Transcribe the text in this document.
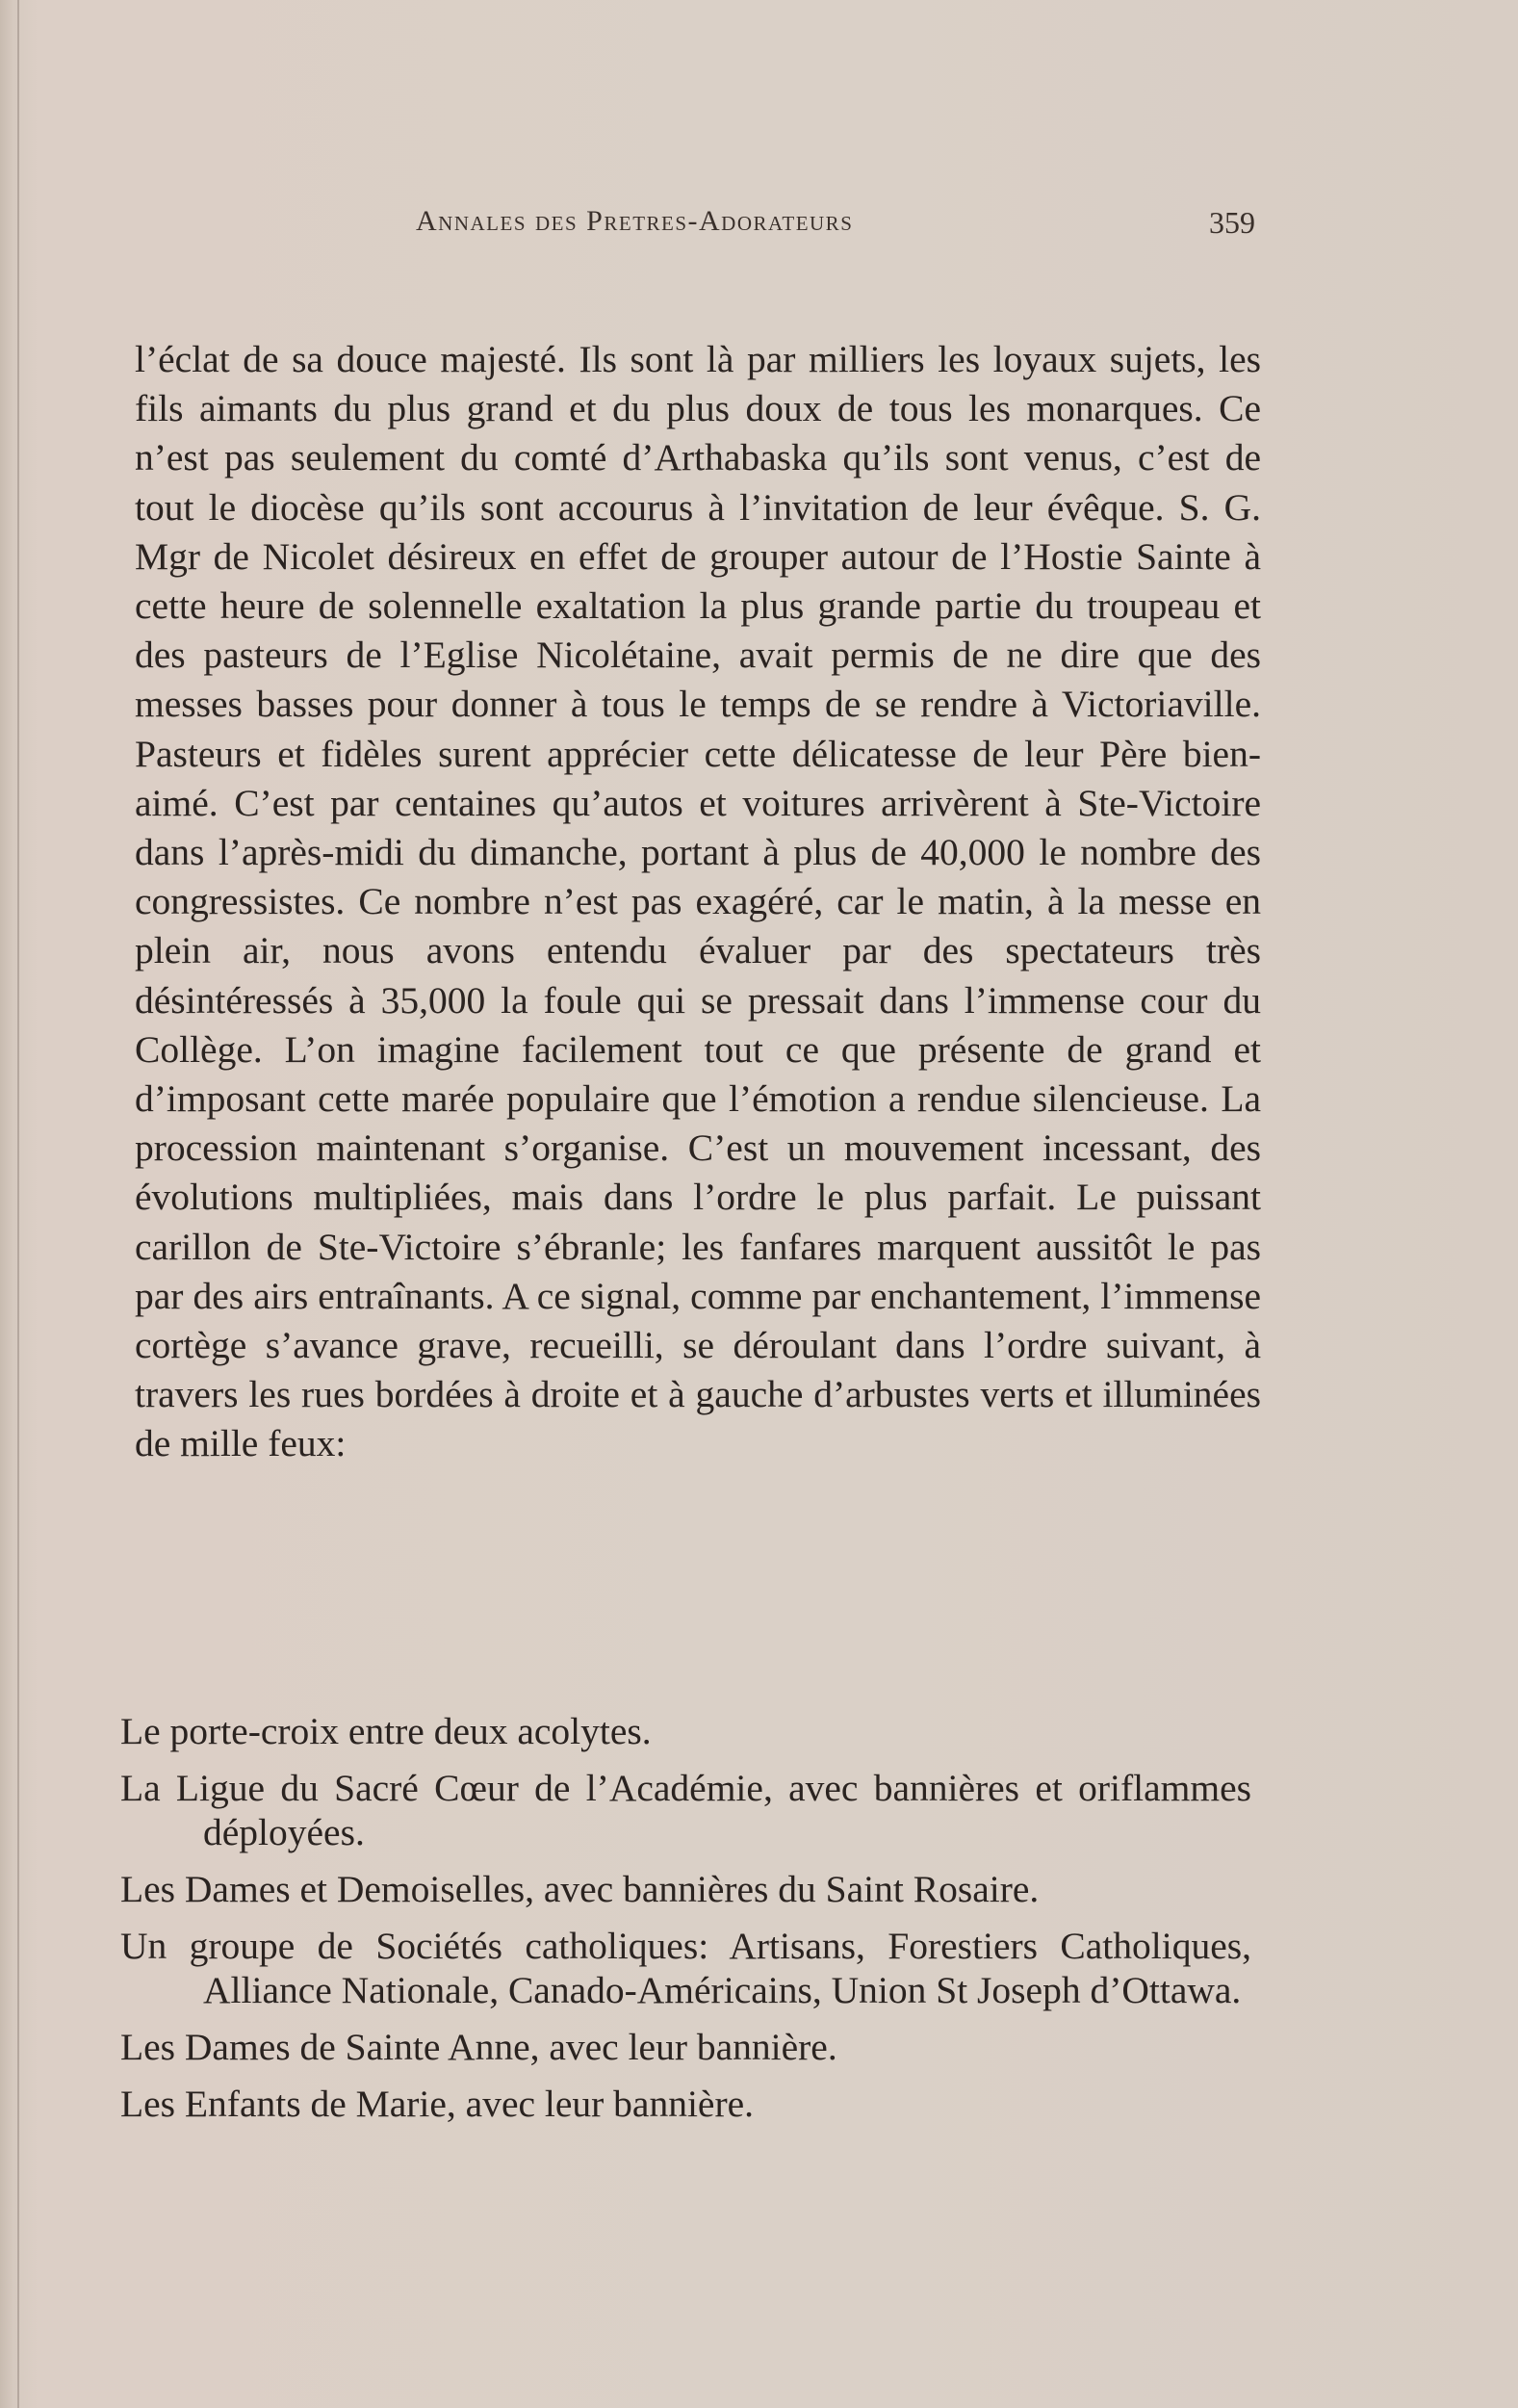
Annales des Pretres-Adorateurs	359

l’éclat de sa douce majesté. Ils sont là par milliers les loyaux sujets, les fils aimants du plus grand et du plus doux de tous les monarques. Ce n’est pas seulement du comté d’Arthabaska qu’ils sont venus, c’est de tout le diocèse qu’ils sont accourus à l’invitation de leur évêque. S. G. Mgr de Nicolet désireux en effet de grouper autour de l’Hostie Sainte à cette heure de solennelle exaltation la plus grande partie du troupeau et des pasteurs de l’Eglise Nicolétaine, avait permis de ne dire que des messes basses pour donner à tous le temps de se rendre à Victoriaville. Pasteurs et fidèles surent apprécier cette délicatesse de leur Père bien-aimé. C’est par centaines qu’autos et voitures arrivèrent à Ste-Victoire dans l’après-midi du dimanche, portant à plus de 40,000 le nombre des congressistes. Ce nombre n’est pas exagéré, car le matin, à la messe en plein air, nous avons entendu évaluer par des spectateurs très désintéressés à 35,000 la foule qui se pressait dans l’immense cour du Collège. L’on imagine facilement tout ce que présente de grand et d’imposant cette marée populaire que l’émotion a rendue silencieuse. La procession maintenant s’organise. C’est un mouvement incessant, des évolutions multipliées, mais dans l’ordre le plus parfait. Le puissant carillon de Ste-Victoire s’ébranle; les fanfares marquent aussitôt le pas par des airs entraînants. A ce signal, comme par enchantement, l’immense cortège s’avance grave, recueilli, se déroulant dans l’ordre suivant, à travers les rues bordées à droite et à gauche d’arbustes verts et illuminées de mille feux:

Le porte-croix entre deux acolytes.
La Ligue du Sacré Cœur de l’Académie, avec bannières et oriflammes déployées.
Les Dames et Demoiselles, avec bannières du Saint Rosaire.
Un groupe de Sociétés catholiques: Artisans, Forestiers Catholiques, Alliance Nationale, Canado-Américains, Union St Joseph d’Ottawa.
Les Dames de Sainte Anne, avec leur bannière.
Les Enfants de Marie, avec leur bannière.
